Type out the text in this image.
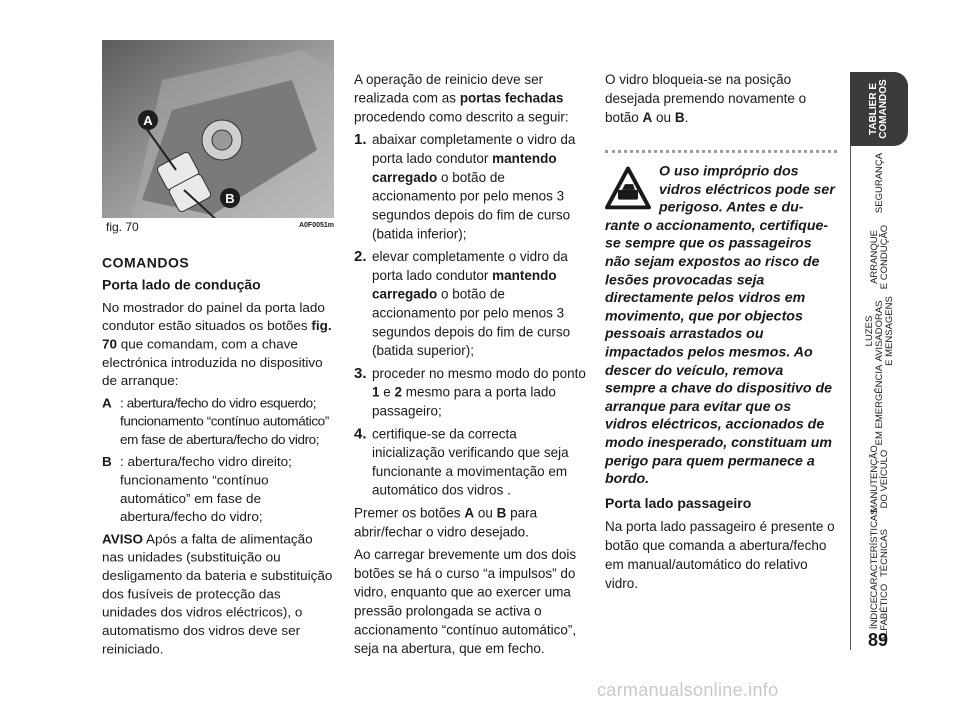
A
B
fig. 70	A0F0051m

COMANDOS

Porta lado de condução

No mostrador do painel da porta lado condutor estão situados os botões fig. 70 que comandam, com a chave electrónica introduzida no dispositivo de arranque:

A : abertura/fecho do vidro esquerdo; funcionamento “contínuo automático” em fase de abertura/fecho do vidro;

B : abertura/fecho vidro direito; funcionamento “contínuo automático” em fase de abertura/fecho do vidro;

AVISO Após a falta de alimentação nas unidades (substituição ou desligamento da bateria e substituição dos fusíveis de protecção das unidades dos vidros eléctricos), o automatismo dos vidros deve ser reiniciado.

A operação de reinicio deve ser realizada com as portas fechadas procedendo como descrito a seguir:

1. abaixar completamente o vidro da porta lado condutor mantendo carregado o botão de accionamento por pelo menos 3 segundos depois do fim de curso (batida inferior);

2. elevar completamente o vidro da porta lado condutor mantendo carregado o botão de accionamento por pelo menos 3 segundos depois do fim de curso (batida superior);

3. proceder no mesmo modo do ponto 1 e 2 mesmo para a porta lado passageiro;

4. certifique-se da correcta inicialização verificando que seja funcionante a movimentação em automático dos vidros .

Premer os botões A ou B para abrir/fechar o vidro desejado.

Ao carregar brevemente um dos dois botões se há o curso “a impulsos” do vidro, enquanto que ao exercer uma pressão prolongada se activa o accionamento “contínuo automático”, seja na abertura, que em fecho.

O vidro bloqueia-se na posição desejada premendo novamente o botão A ou B.

O uso impróprio dos vidros eléctricos pode ser perigoso. Antes e du-
rante o accionamento, certifique-se sempre que os passageiros não sejam expostos ao risco de lesões provocadas seja directamente pelos vidros em movimento, que por objectos pessoais arrastados ou impactados pelos mesmos. Ao descer do veículo, remova sempre a chave do dispositivo de arranque para evitar que os vidros eléctricos, accionados de modo inesperado, constituam um perigo para quem permanece a bordo.

Porta lado passageiro

Na porta lado passageiro é presente o botão que comanda a abertura/fecho em manual/automático do relativo vidro.

TABLIER E
COMANDOS
SEGURANÇA
ARRANQUE
E CONDUÇÃO
LUZES
AVISADORAS
E MENSAGENS
EM EMERGÊNCIA
MANUTENÇÃO
DO VEÍCULO
CARACTERÍSTICAS
TÉCNICAS
ÍNDICE
ALFABÉTICO
89
carmanualsonline.info
